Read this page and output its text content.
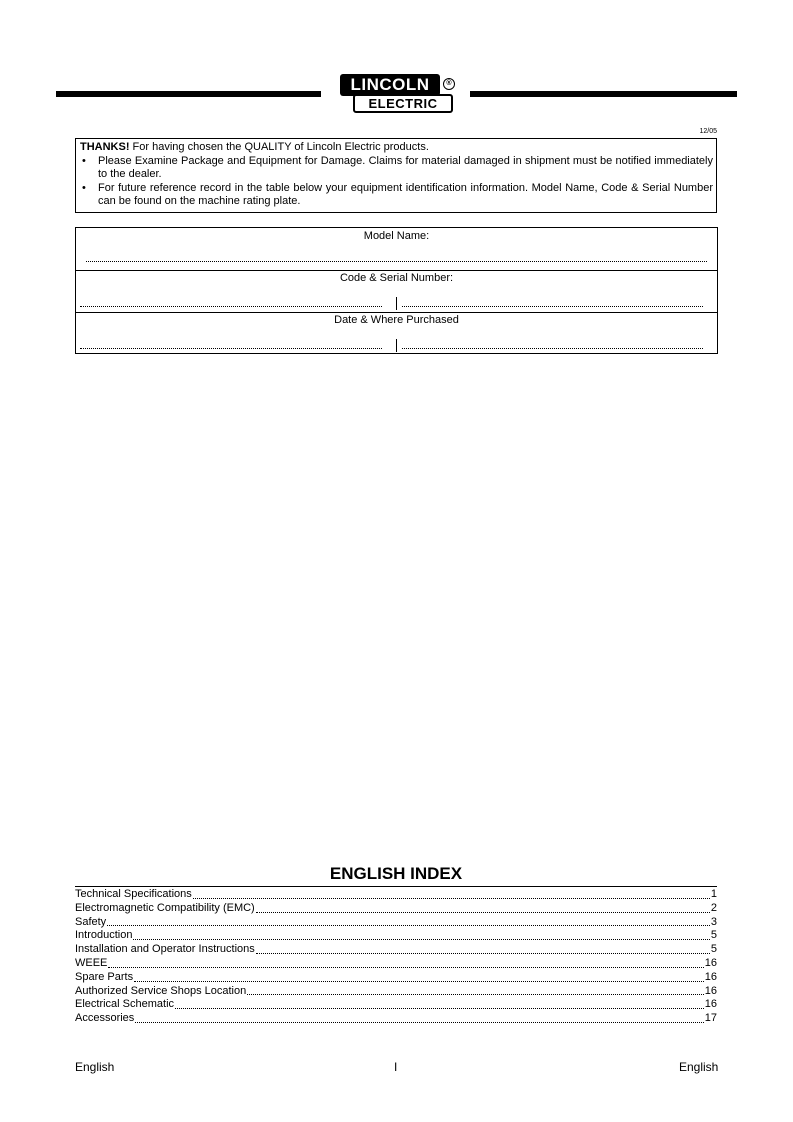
LINCOLN	®
ELECTRIC
12/05
THANKS! For having chosen the QUALITY of Lincoln Electric products.
• Please Examine Package and Equipment for Damage. Claims for material damaged in shipment must be notified immediately to the dealer.
• For future reference record in the table below your equipment identification information. Model Name, Code & Serial Number can be found on the machine rating plate.
Model Name:
Code & Serial Number:
Date & Where Purchased
ENGLISH INDEX
Technical Specifications	1
Electromagnetic Compatibility (EMC)	2
Safety	3
Introduction	5
Installation and Operator Instructions	5
WEEE	16
Spare Parts	16
Authorized Service Shops Location	16
Electrical Schematic	16
Accessories	17
English	I	English
